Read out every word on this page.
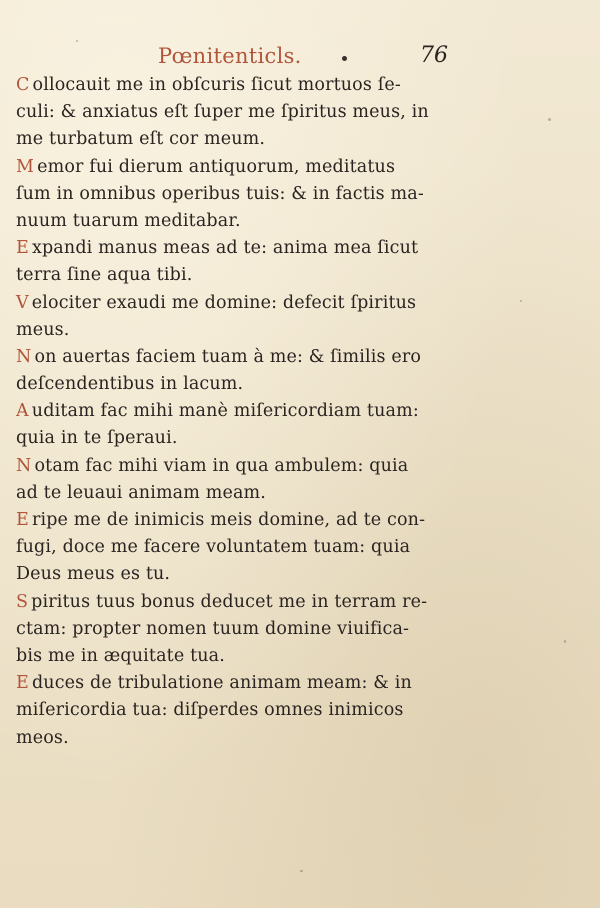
Pœnitenticls.	76
C ollocauit me in obſcuris ſicut mortuos ſe-
culi: & anxiatus eſt ſuper me ſpiritus meus, in
me turbatum eſt cor meum.
M emor fui dierum antiquorum, meditatus
ſum in omnibus operibus tuis: & in factis ma-
nuum tuarum meditabar.
E xpandi manus meas ad te: anima mea ſicut
terra ſine aqua tibi.
V elociter exaudi me domine: defecit ſpiritus
meus.
N on auertas faciem tuam à me: & ſimilis ero
deſcendentibus in lacum.
A uditam fac mihi manè miſericordiam tuam:
quia in te ſperaui.
N otam fac mihi viam in qua ambulem: quia
ad te leuaui animam meam.
E ripe me de inimicis meis domine, ad te con-
fugi, doce me facere voluntatem tuam: quia
Deus meus es tu.
S piritus tuus bonus deducet me in terram re-
ctam: propter nomen tuum domine viuifica-
bis me in æquitate tua.
E duces de tribulatione animam meam: & in
miſericordia tua: diſperdes omnes inimicos
meos.
